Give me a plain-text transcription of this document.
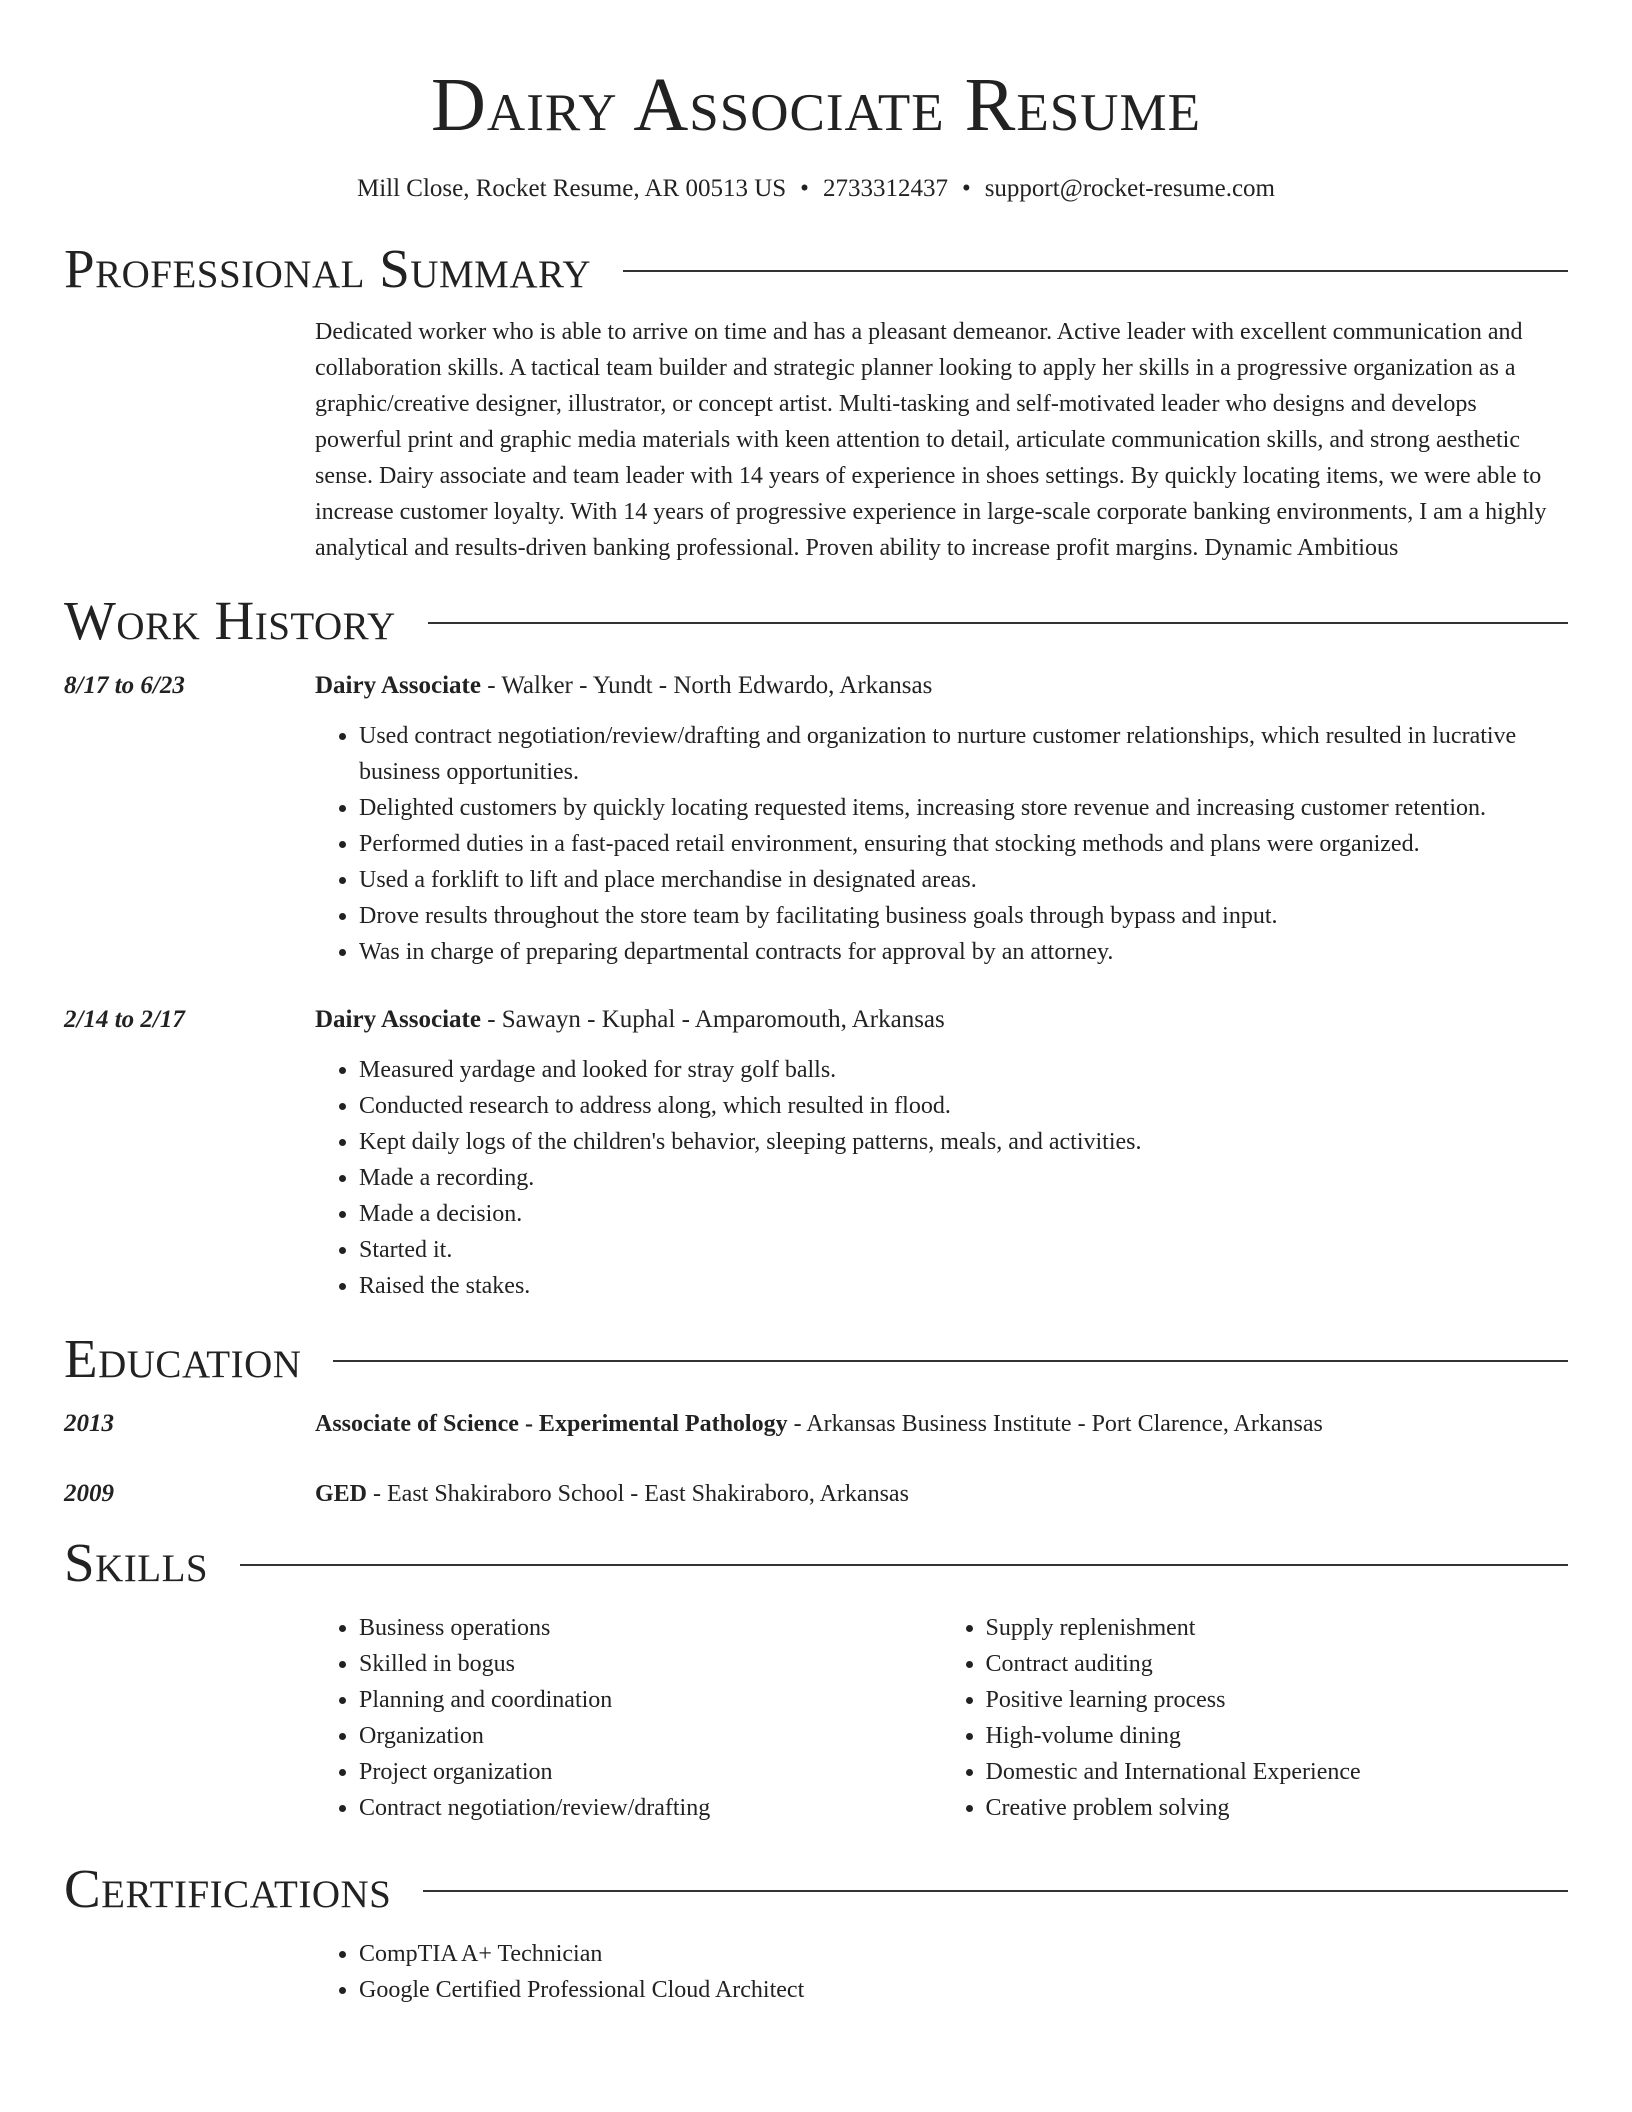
Dairy Associate Resume
Mill Close, Rocket Resume, AR 00513 US • 2733312437 • support@rocket-resume.com
Professional Summary
Dedicated worker who is able to arrive on time and has a pleasant demeanor. Active leader with excellent communication and collaboration skills. A tactical team builder and strategic planner looking to apply her skills in a progressive organization as a graphic/creative designer, illustrator, or concept artist. Multi-tasking and self-motivated leader who designs and develops powerful print and graphic media materials with keen attention to detail, articulate communication skills, and strong aesthetic sense. Dairy associate and team leader with 14 years of experience in shoes settings. By quickly locating items, we were able to increase customer loyalty. With 14 years of progressive experience in large-scale corporate banking environments, I am a highly analytical and results-driven banking professional. Proven ability to increase profit margins. Dynamic Ambitious
Work History
8/17 to 6/23	Dairy Associate - Walker - Yundt - North Edwardo, Arkansas
• Used contract negotiation/review/drafting and organization to nurture customer relationships, which resulted in lucrative business opportunities.
• Delighted customers by quickly locating requested items, increasing store revenue and increasing customer retention.
• Performed duties in a fast-paced retail environment, ensuring that stocking methods and plans were organized.
• Used a forklift to lift and place merchandise in designated areas.
• Drove results throughout the store team by facilitating business goals through bypass and input.
• Was in charge of preparing departmental contracts for approval by an attorney.
2/14 to 2/17	Dairy Associate - Sawayn - Kuphal - Amparomouth, Arkansas
• Measured yardage and looked for stray golf balls.
• Conducted research to address along, which resulted in flood.
• Kept daily logs of the children's behavior, sleeping patterns, meals, and activities.
• Made a recording.
• Made a decision.
• Started it.
• Raised the stakes.
Education
2013	Associate of Science - Experimental Pathology - Arkansas Business Institute - Port Clarence, Arkansas
2009	GED - East Shakiraboro School - East Shakiraboro, Arkansas
Skills
• Business operations
• Skilled in bogus
• Planning and coordination
• Organization
• Project organization
• Contract negotiation/review/drafting
• Supply replenishment
• Contract auditing
• Positive learning process
• High-volume dining
• Domestic and International Experience
• Creative problem solving
Certifications
• CompTIA A+ Technician
• Google Certified Professional Cloud Architect
